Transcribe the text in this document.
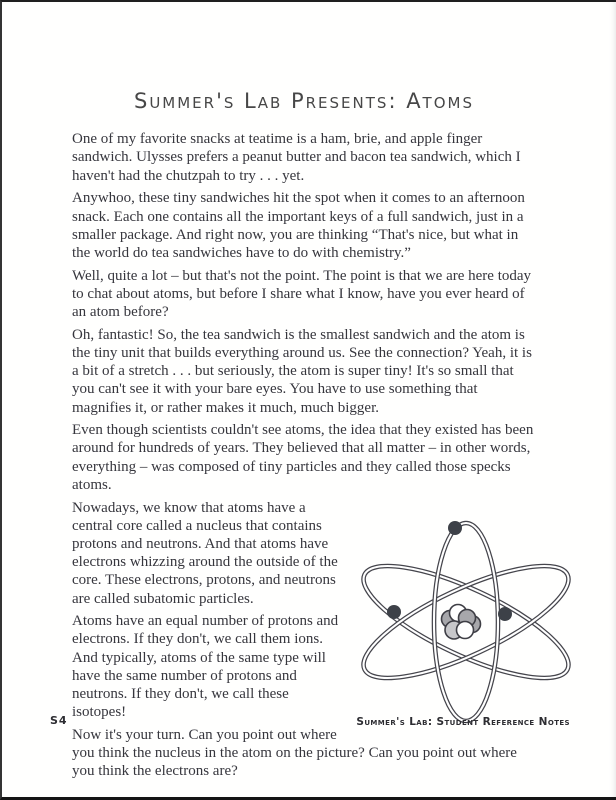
Summer's Lab Presents: Atoms

One of my favorite snacks at teatime is a ham, brie, and apple finger sandwich. Ulysses prefers a peanut butter and bacon tea sandwich, which I haven't had the chutzpah to try . . . yet.

Anywhoo, these tiny sandwiches hit the spot when it comes to an afternoon snack. Each one contains all the important keys of a full sandwich, just in a smaller package. And right now, you are thinking “That's nice, but what in the world do tea sandwiches have to do with chemistry.”

Well, quite a lot – but that's not the point. The point is that we are here today to chat about atoms, but before I share what I know, have you ever heard of an atom before?

Oh, fantastic! So, the tea sandwich is the smallest sandwich and the atom is the tiny unit that builds everything around us. See the connection? Yeah, it is a bit of a stretch . . . but seriously, the atom is super tiny! It's so small that you can't see it with your bare eyes. You have to use something that magnifies it, or rather makes it much, much bigger.

Even though scientists couldn't see atoms, the idea that they existed has been around for hundreds of years. They believed that all matter – in other words, everything – was composed of tiny particles and they called those specks atoms.

Nowadays, we know that atoms have a central core called a nucleus that contains protons and neutrons. And that atoms have electrons whizzing around the outside of the core. These electrons, protons, and neutrons are called subatomic particles.

Atoms have an equal number of protons and electrons. If they don't, we call them ions. And typically, atoms of the same type will have the same number of protons and neutrons. If they don't, we call these isotopes!

Now it's your turn. Can you point out where you think the nucleus in the atom on the picture? Can you point out where you think the electrons are?

S4	Summer's Lab: Student Reference Notes
